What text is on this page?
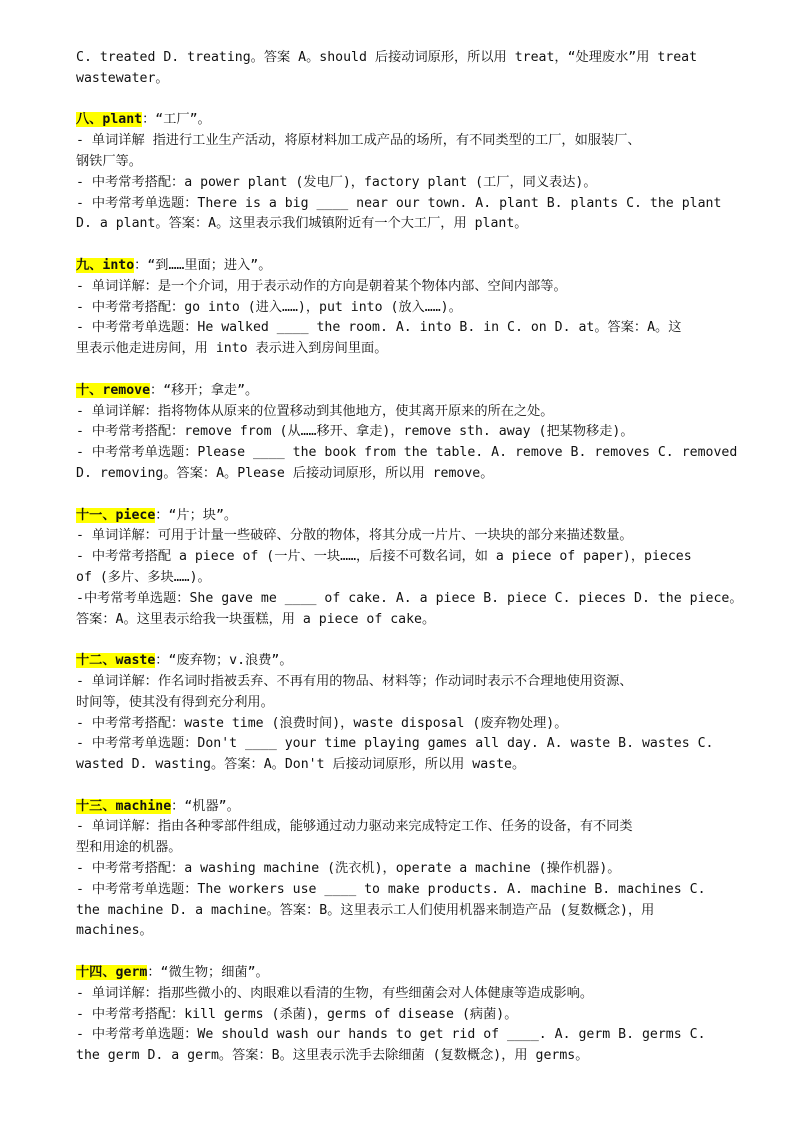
C. treated D. treating。答案 A。should 后接动词原形，所以用 treat，“处理废水”用 treat
wastewater。
八、plant：“工厂”。
- 单词详解 指进行工业生产活动，将原材料加工成产品的场所，有不同类型的工厂，如服装厂、
钢铁厂等。
- 中考常考搭配：a power plant (发电厂)，factory plant (工厂，同义表达)。
- 中考常考单选题：There is a big ____ near our town. A. plant B. plants C. the plant
D. a plant。答案：A。这里表示我们城镇附近有一个大工厂，用 plant。
九、into：“到……里面；进入”。
- 单词详解：是一个介词，用于表示动作的方向是朝着某个物体内部、空间内部等。
- 中考常考搭配：go into (进入……)，put into (放入……)。
- 中考常考单选题：He walked ____ the room. A. into B. in C. on D. at。答案：A。这
里表示他走进房间，用 into 表示进入到房间里面。
十、remove：“移开；拿走”。
- 单词详解：指将物体从原来的位置移动到其他地方，使其离开原来的所在之处。
- 中考常考搭配：remove from (从……移开、拿走)，remove sth. away (把某物移走)。
- 中考常考单选题：Please ____ the book from the table. A. remove B. removes C. removed
D. removing。答案：A。Please 后接动词原形，所以用 remove。
十一、piece：“片；块”。
- 单词详解：可用于计量一些破碎、分散的物体，将其分成一片片、一块块的部分来描述数量。
- 中考常考搭配 a piece of (一片、一块……，后接不可数名词，如 a piece of paper)，pieces
of (多片、多块……)。
-中考常考单选题：She gave me ____ of cake. A. a piece B. piece C. pieces D. the piece。
答案：A。这里表示给我一块蛋糕，用 a piece of cake。
十二、waste：“废弃物；v.浪费”。
- 单词详解：作名词时指被丢弃、不再有用的物品、材料等；作动词时表示不合理地使用资源、
时间等，使其没有得到充分利用。
- 中考常考搭配：waste time (浪费时间)，waste disposal (废弃物处理)。
- 中考常考单选题：Don't ____ your time playing games all day. A. waste B. wastes C.
wasted D. wasting。答案：A。Don't 后接动词原形，所以用 waste。
十三、machine：“机器”。
- 单词详解：指由各种零部件组成，能够通过动力驱动来完成特定工作、任务的设备，有不同类
型和用途的机器。
- 中考常考搭配：a washing machine (洗衣机)，operate a machine (操作机器)。
- 中考常考单选题：The workers use ____ to make products. A. machine B. machines C.
the machine D. a machine。答案：B。这里表示工人们使用机器来制造产品 (复数概念)，用
machines。
十四、germ：“微生物；细菌”。
- 单词详解：指那些微小的、肉眼难以看清的生物，有些细菌会对人体健康等造成影响。
- 中考常考搭配：kill germs (杀菌)，germs of disease (病菌)。
- 中考常考单选题：We should wash our hands to get rid of ____. A. germ B. germs C.
the germ D. a germ。答案：B。这里表示洗手去除细菌 (复数概念)，用 germs。
